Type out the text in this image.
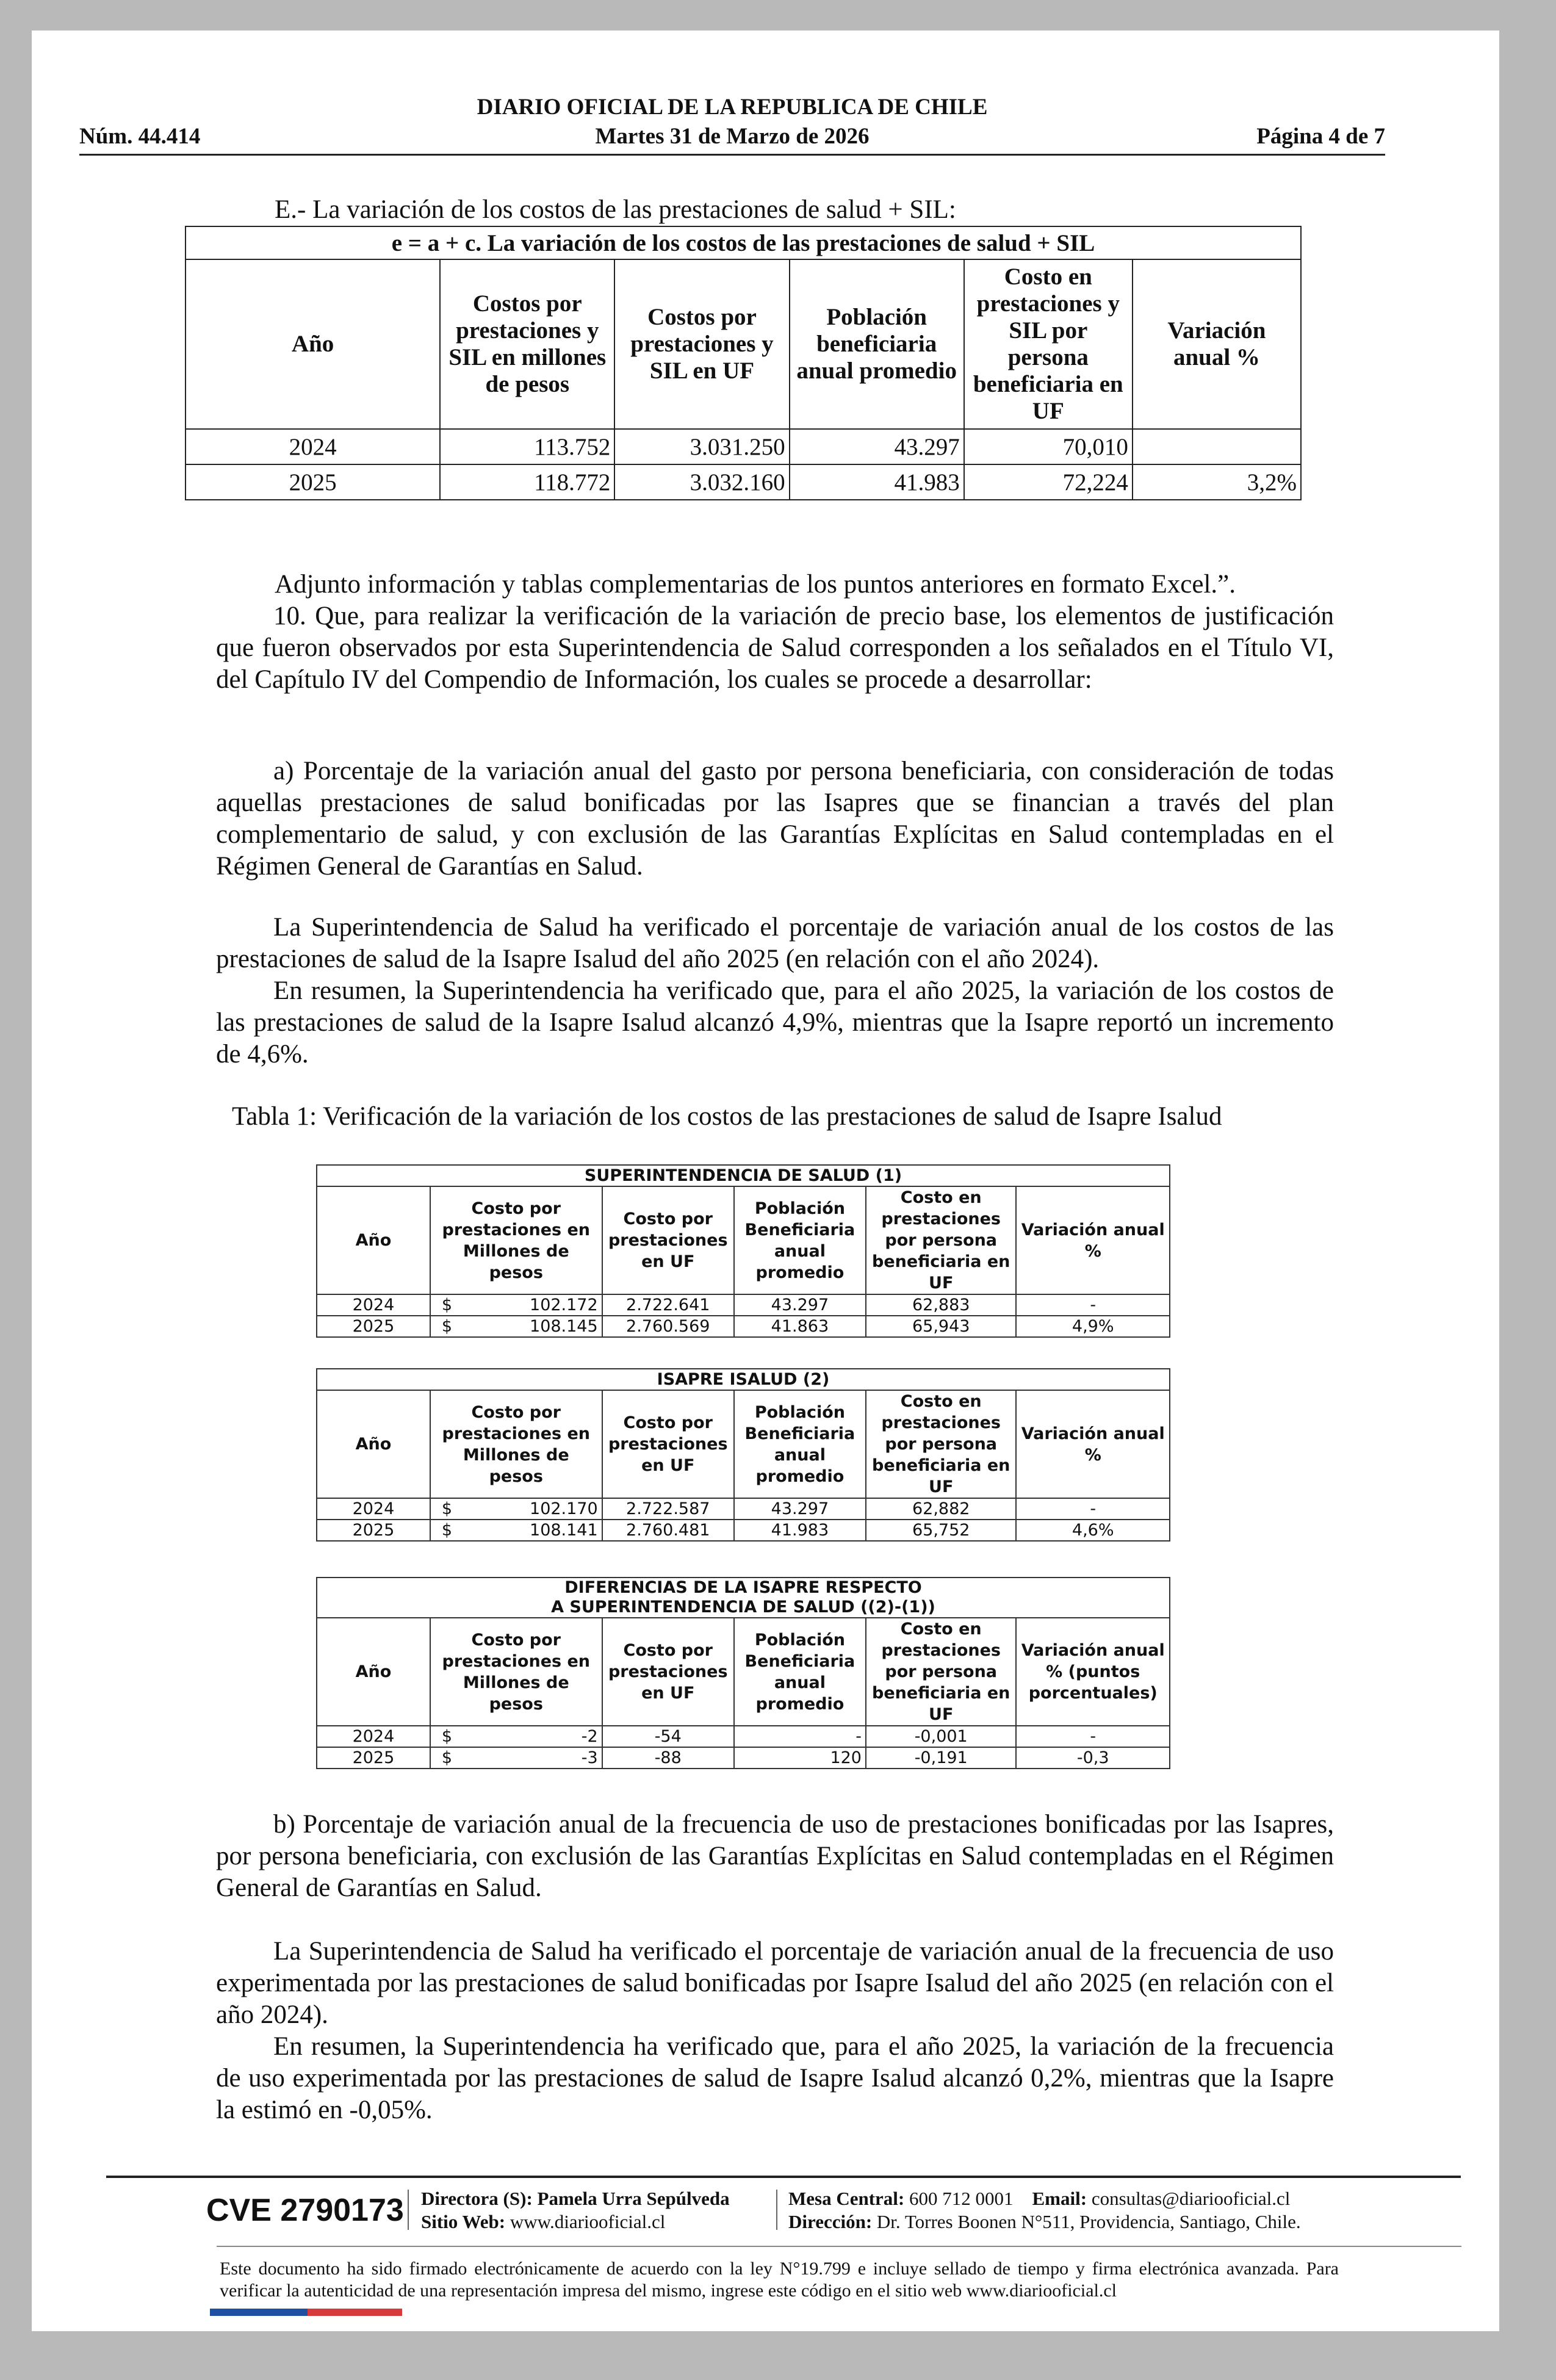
DIARIO OFICIAL DE LA REPUBLICA DE CHILE
Núm. 44.414	Martes 31 de Marzo de 2026	Página 4 de 7
E.- La variación de los costos de las prestaciones de salud + SIL:
e = a + c. La variación de los costos de las prestaciones de salud + SIL					
Año	Costos por prestaciones y SIL en millones de pesos	Costos por prestaciones y SIL en UF	Población beneficiaria anual promedio	Costo en prestaciones y SIL por persona beneficiaria en UF	Variación anual %
2024	113.752	3.031.250	43.297	70,010	
2025	118.772	3.032.160	41.983	72,224	3,2%
Adjunto información y tablas complementarias de los puntos anteriores en formato Excel.”.
10. Que, para realizar la verificación de la variación de precio base, los elementos de justificación que fueron observados por esta Superintendencia de Salud corresponden a los señalados en el Título VI, del Capítulo IV del Compendio de Información, los cuales se procede a desarrollar:
a) Porcentaje de la variación anual del gasto por persona beneficiaria, con consideración de todas aquellas prestaciones de salud bonificadas por las Isapres que se financian a través del plan complementario de salud, y con exclusión de las Garantías Explícitas en Salud contempladas en el Régimen General de Garantías en Salud.
La Superintendencia de Salud ha verificado el porcentaje de variación anual de los costos de las prestaciones de salud de la Isapre Isalud del año 2025 (en relación con el año 2024).
En resumen, la Superintendencia ha verificado que, para el año 2025, la variación de los costos de las prestaciones de salud de la Isapre Isalud alcanzó 4,9%, mientras que la Isapre reportó un incremento de 4,6%.
Tabla 1: Verificación de la variación de los costos de las prestaciones de salud de Isapre Isalud
SUPERINTENDENCIA DE SALUD (1)					
Año	Costo por prestaciones en Millones de pesos	Costo por prestaciones en UF	Población Beneficiaria anual promedio	Costo en prestaciones por persona beneficiaria en UF	Variación anual %
2024	$ 102.172	2.722.641	43.297	62,883	-
2025	$ 108.145	2.760.569	41.863	65,943	4,9%
ISAPRE ISALUD (2)					
Año	Costo por prestaciones en Millones de pesos	Costo por prestaciones en UF	Población Beneficiaria anual promedio	Costo en prestaciones por persona beneficiaria en UF	Variación anual %
2024	$ 102.170	2.722.587	43.297	62,882	-
2025	$ 108.141	2.760.481	41.983	65,752	4,6%
DIFERENCIAS DE LA ISAPRE RESPECTO
A SUPERINTENDENCIA DE SALUD ((2)-(1))					

Año	Costo por prestaciones en Millones de pesos	Costo por prestaciones en UF	Población Beneficiaria anual promedio	Costo en prestaciones por persona beneficiaria en UF	Variación anual % (puntos porcentuales)
2024	$ -2	-54	-	-0,001	-
2025	$ -3	-88	120	-0,191	-0,3
b) Porcentaje de variación anual de la frecuencia de uso de prestaciones bonificadas por las Isapres, por persona beneficiaria, con exclusión de las Garantías Explícitas en Salud contempladas en el Régimen General de Garantías en Salud.
La Superintendencia de Salud ha verificado el porcentaje de variación anual de la frecuencia de uso experimentada por las prestaciones de salud bonificadas por Isapre Isalud del año 2025 (en relación con el año 2024).
En resumen, la Superintendencia ha verificado que, para el año 2025, la variación de la frecuencia de uso experimentada por las prestaciones de salud de Isapre Isalud alcanzó 0,2%, mientras que la Isapre la estimó en -0,05%.
CVE 2790173 Directora (S): Pamela Urra Sepúlveda
Sitio Web: www.diariooficial.cl
Mesa Central: 600 712 0001 Email: consultas@diariooficial.cl
Dirección: Dr. Torres Boonen N°511, Providencia, Santiago, Chile.
Este documento ha sido firmado electrónicamente de acuerdo con la ley N°19.799 e incluye sellado de tiempo y firma electrónica avanzada. Para verificar la autenticidad de una representación impresa del mismo, ingrese este código en el sitio web www.diariooficial.cl
